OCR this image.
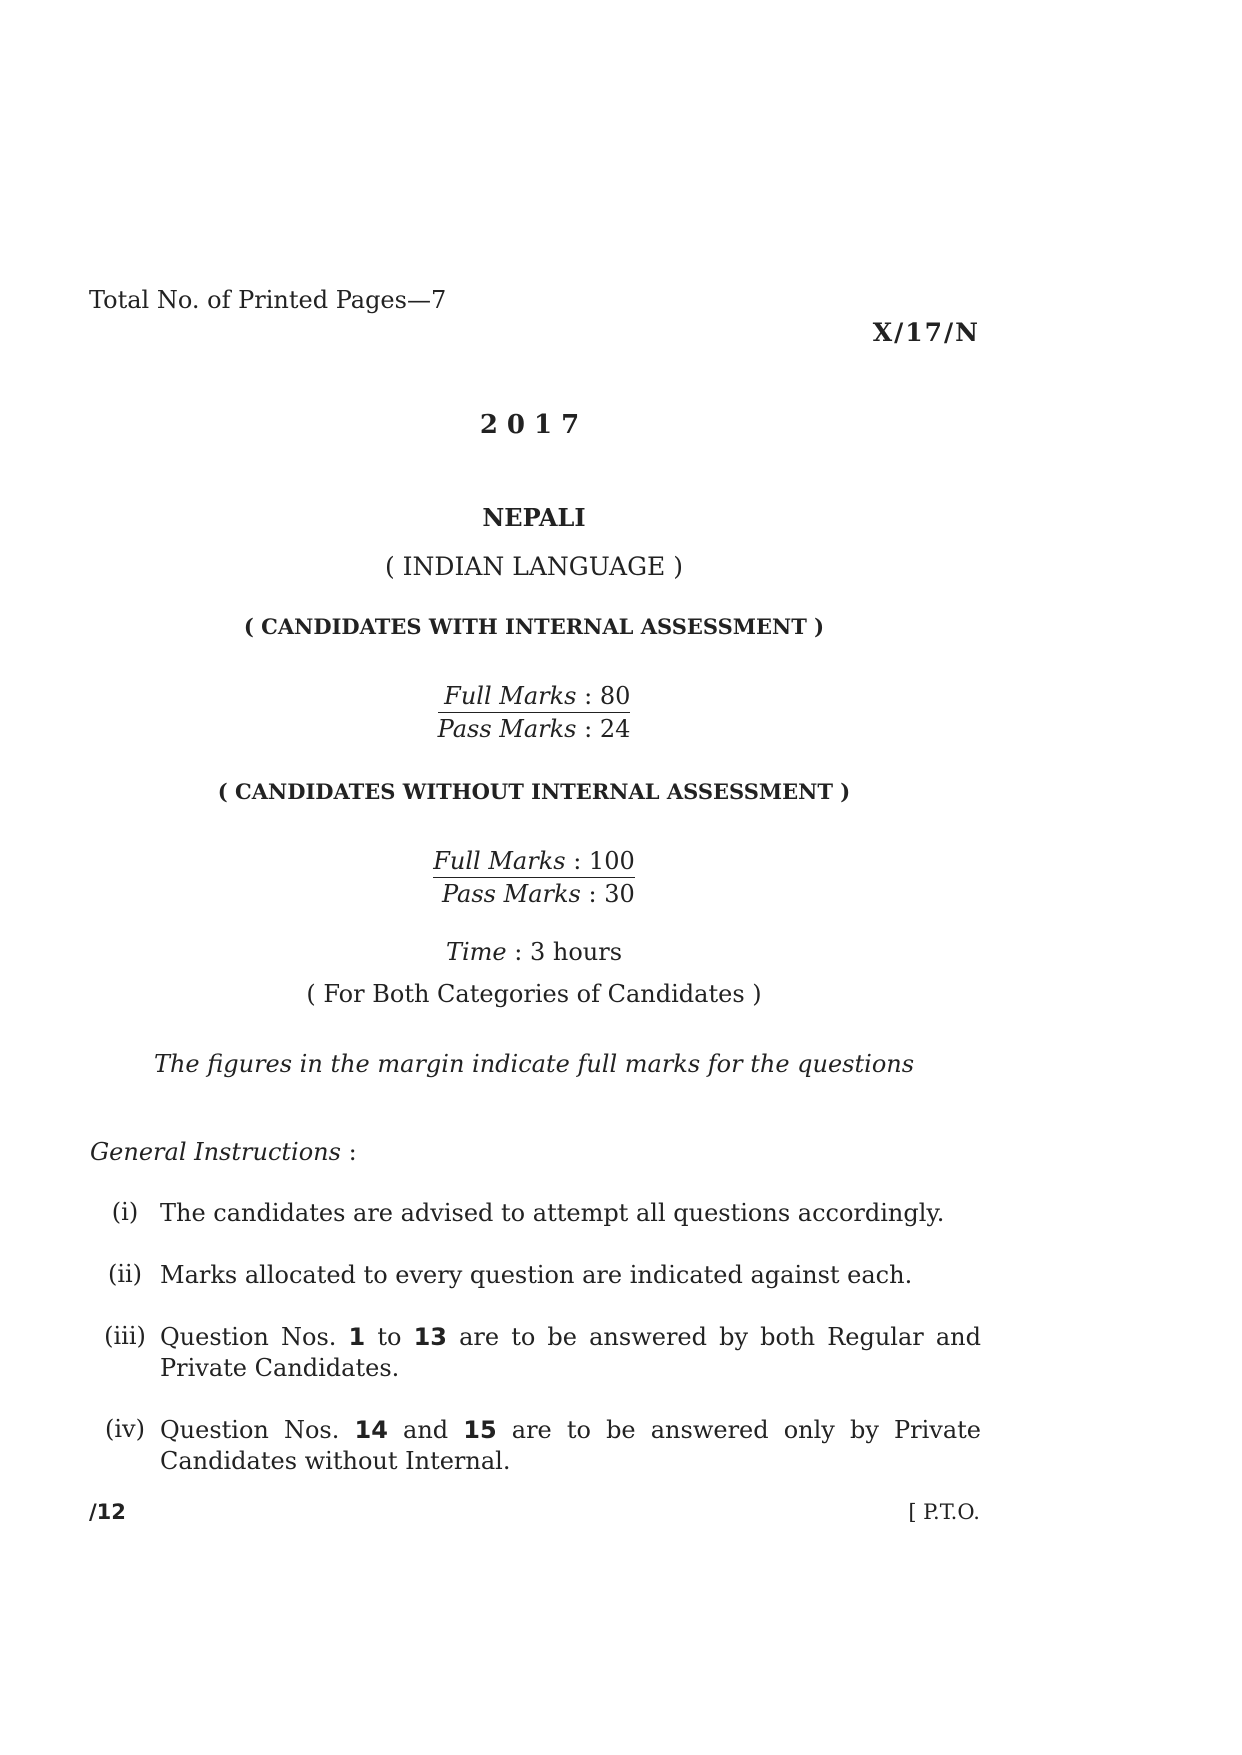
Total No. of Printed Pages—7
X/17/N
2017
NEPALI
( INDIAN LANGUAGE )
( CANDIDATES WITH INTERNAL ASSESSMENT )
Full Marks : 80
Pass Marks : 24
( CANDIDATES WITHOUT INTERNAL ASSESSMENT )
Full Marks : 100
Pass Marks : 30
Time : 3 hours
( For Both Categories of Candidates )
The figures in the margin indicate full marks for the questions
General Instructions :
(i) The candidates are advised to attempt all questions accordingly.
(ii) Marks allocated to every question are indicated against each.
(iii) Question Nos. 1 to 13 are to be answered by both Regular and Private Candidates.
(iv) Question Nos. 14 and 15 are to be answered only by Private Candidates without Internal.
/12	[ P.T.O.
